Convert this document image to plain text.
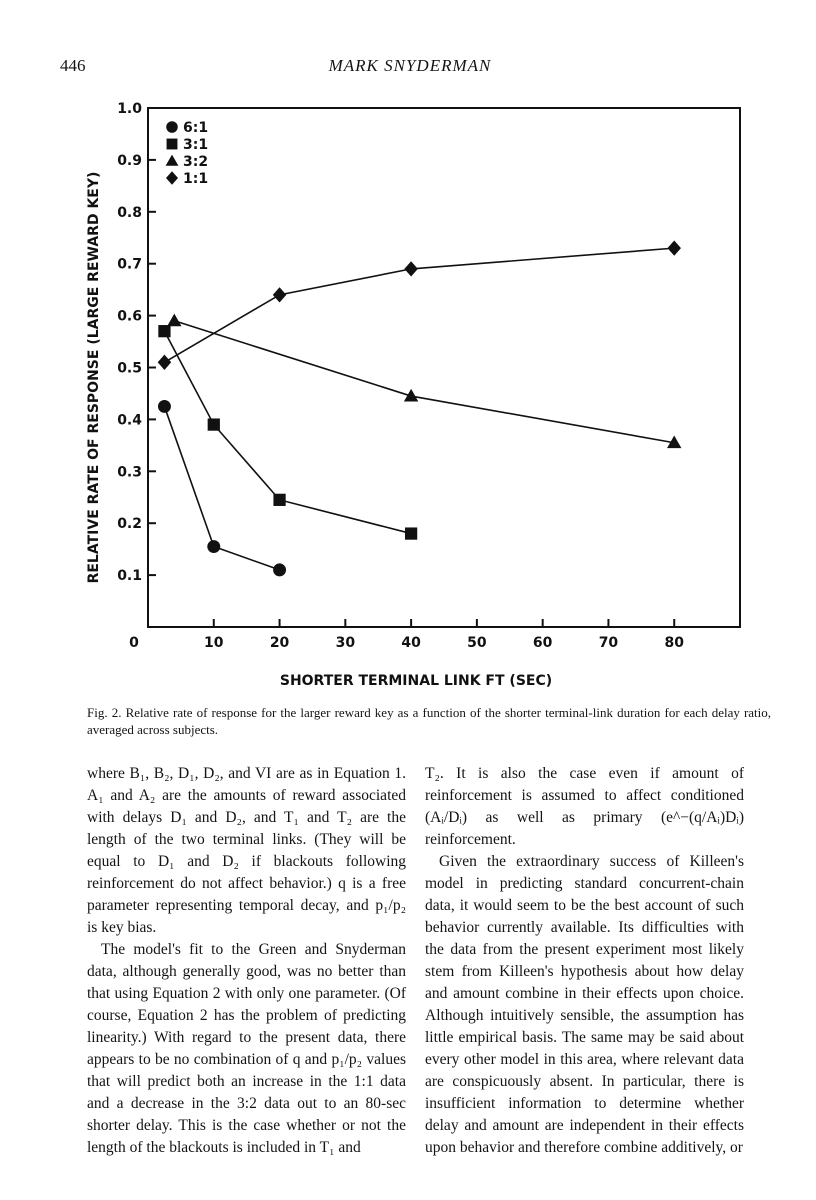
446	MARK SNYDERMAN
0.1
0.2
0.3
0.4
0.5
0.6
0.7
0.8
0.9
1.0
0	10	20	30	40	50	60	70	80
SHORTER TERMINAL LINK FT (SEC)
RELATIVE RATE OF RESPONSE (LARGE REWARD KEY)
6:1
3:1
3:2
1:1
Fig. 2. Relative rate of response for the larger reward key as a function of the shorter terminal-link duration for each delay ratio, averaged across subjects.

where B₁, B₂, D₁, D₂, and VI are as in Equation 1. A₁ and A₂ are the amounts of reward associated with delays D₁ and D₂, and T₁ and T₂ are the length of the two terminal links. (They will be equal to D₁ and D₂ if blackouts following reinforcement do not affect behavior.) q is a free parameter representing temporal decay, and p₁/p₂ is key bias.

The model's fit to the Green and Snyderman data, although generally good, was no better than that using Equation 2 with only one parameter. (Of course, Equation 2 has the problem of predicting linearity.) With regard to the present data, there appears to be no combination of q and p₁/p₂ values that will predict both an increase in the 1:1 data and a decrease in the 3:2 data out to an 80-sec shorter delay. This is the case whether or not the length of the blackouts is included in T₁ and

T₂. It is also the case even if amount of reinforcement is assumed to affect conditioned (Aᵢ/Dᵢ) as well as primary (e^−(q/Aᵢ)Dᵢ) reinforcement.

Given the extraordinary success of Killeen's model in predicting standard concurrent-chain data, it would seem to be the best account of such behavior currently available. Its difficulties with the data from the present experiment most likely stem from Killeen's hypothesis about how delay and amount combine in their effects upon choice. Although intuitively sensible, the assumption has little empirical basis. The same may be said about every other model in this area, where relevant data are conspicuously absent. In particular, there is insufficient information to determine whether delay and amount are independent in their effects upon behavior and therefore combine additively, or
